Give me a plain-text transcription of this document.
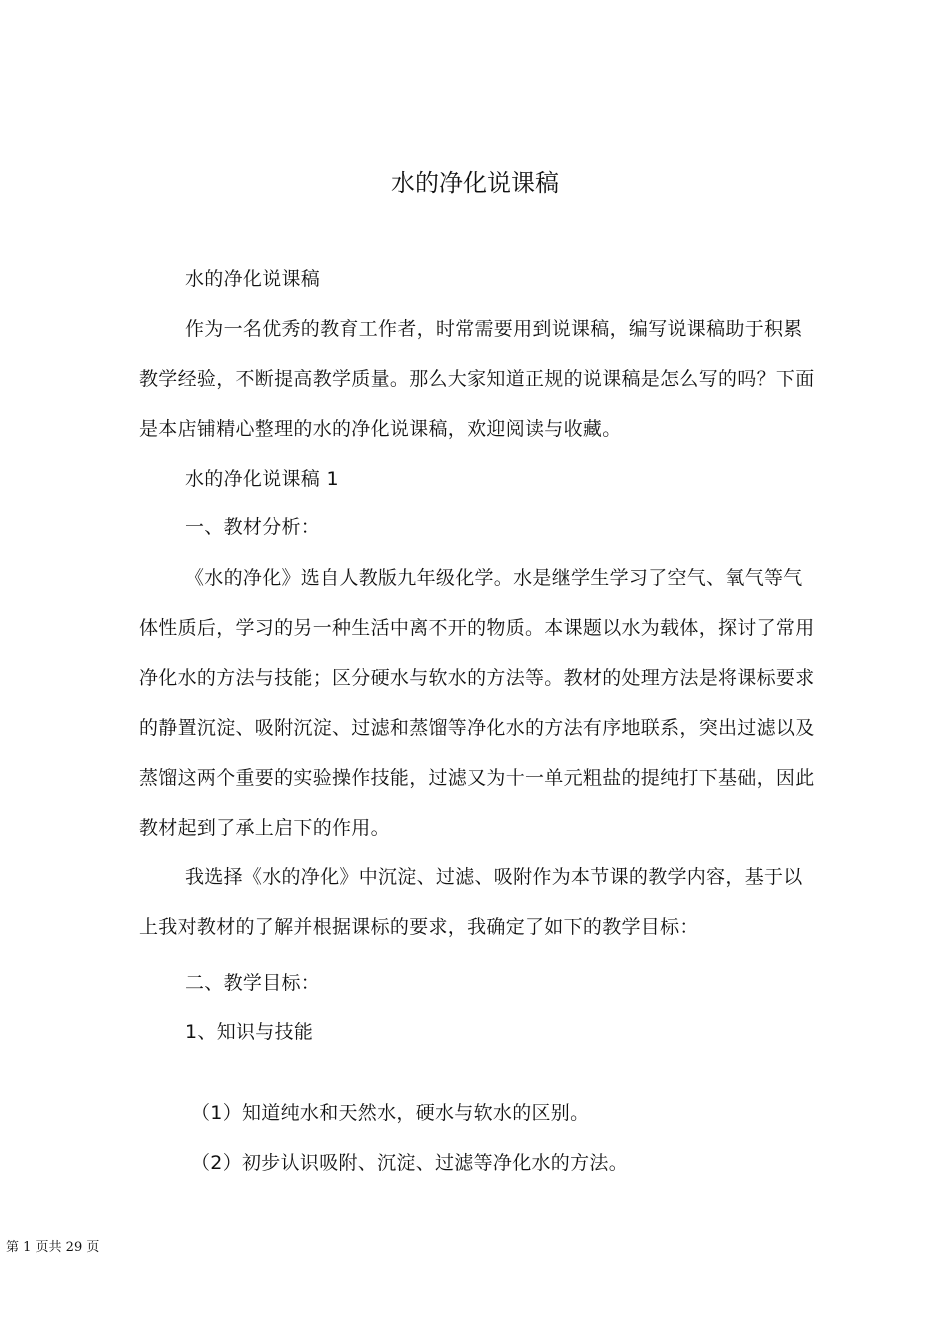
水的净化说课稿

水的净化说课稿

作为一名优秀的教育工作者，时常需要用到说课稿，编写说课稿助于积累教学经验，不断提高教学质量。那么大家知道正规的说课稿是怎么写的吗？下面是本店铺精心整理的水的净化说课稿，欢迎阅读与收藏。

水的净化说课稿 1

一、教材分析：

《水的净化》选自人教版九年级化学。水是继学生学习了空气、氧气等气体性质后，学习的另一种生活中离不开的物质。本课题以水为载体，探讨了常用净化水的方法与技能；区分硬水与软水的方法等。教材的处理方法是将课标要求的静置沉淀、吸附沉淀、过滤和蒸馏等净化水的方法有序地联系，突出过滤以及蒸馏这两个重要的实验操作技能，过滤又为十一单元粗盐的提纯打下基础，因此教材起到了承上启下的作用。

我选择《水的净化》中沉淀、过滤、吸附作为本节课的教学内容，基于以上我对教材的了解并根据课标的要求，我确定了如下的教学目标：

二、教学目标：

1、知识与技能

（1）知道纯水和天然水，硬水与软水的区别。

（2）初步认识吸附、沉淀、过滤等净化水的方法。

第 1 页共 29 页
